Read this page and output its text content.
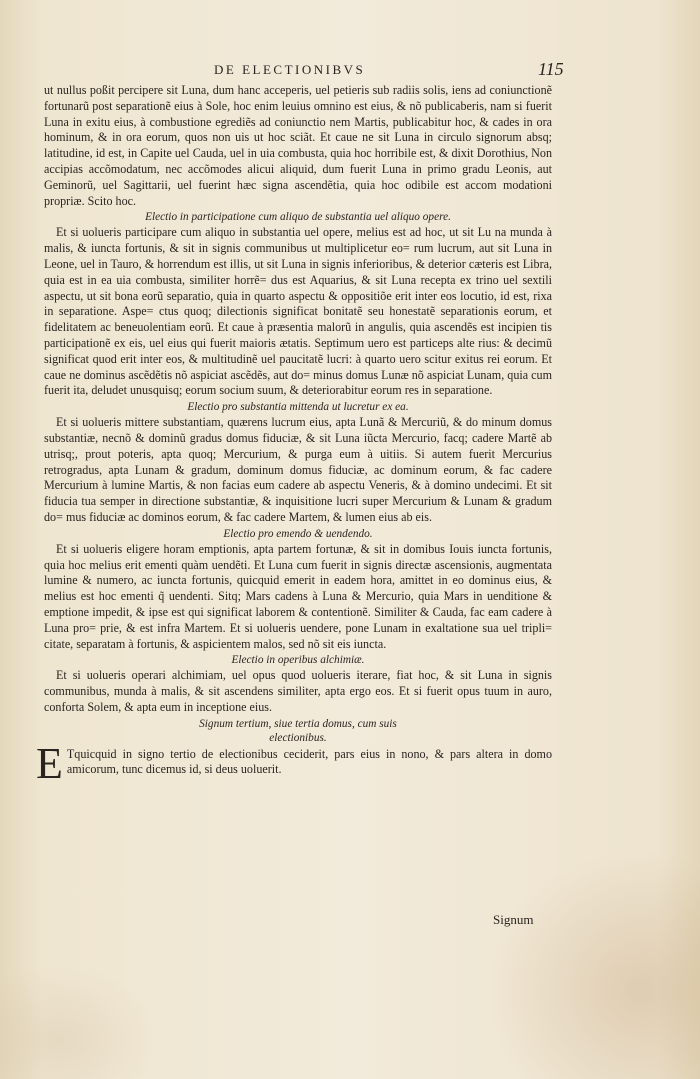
DE ELECTIONIBVS	115

ut nullus poßit percipere sit Luna, dum hanc acceperis, uel petieris sub radiis solis, iens ad coniunctionẽ fortunarũ post separationẽ eius à Sole, hoc enim leuius omnino est eius, & nõ publicaberis, nam si fuerit Luna in exitu eius, à combustione egrediẽs ad coniunctio nem Martis, publicabitur hoc, & cades in ora hominum, & in ora eorum, quos non uis ut hoc sciãt. Et caue ne sit Luna in circulo signorum absq; latitudine, id est, in Capite uel Cauda, uel in uia combusta, quia hoc horribile est, & dixit Dorothius, Non accipias accõmodatum, nec accõmodes alicui aliquid, dum fuerit Luna in primo gradu Leonis, aut Geminorũ, uel Sagittarii, uel fuerint hæc signa ascendẽtia, quia hoc odibile est accom modationi propriæ. Scito hoc.

Electio in participatione cum aliquo de substantia uel aliquo opere.

Et si uolueris participare cum aliquo in substantia uel opere, melius est ad hoc, ut sit Lu na munda à malis, & iuncta fortunis, & sit in signis communibus ut multiplicetur eo= rum lucrum, aut sit Luna in Leone, uel in Tauro, & horrendum est illis, ut sit Luna in signis inferioribus, & deterior cæteris est Libra, quia est in ea uia combusta, similiter horrẽ= dus est Aquarius, & sit Luna recepta ex trino uel sextili aspectu, ut sit bona eorũ separatio, quia in quarto aspectu & oppositiõe erit inter eos locutio, id est, rixa in separatione. Aspe= ctus quoq; dilectionis significat bonitatẽ seu honestatẽ separationis eorum, et fidelitatem ac beneuolentiam eorũ. Et caue à præsentia malorũ in angulis, quia ascendẽs est incipien tis participationẽ ex eis, uel eius qui fuerit maioris ætatis. Septimum uero est particeps alte rius: & decimũ significat quod erit inter eos, & multitudinẽ uel paucitatẽ lucri: à quarto uero scitur exitus rei eorum. Et caue ne dominus ascẽdẽtis nõ aspiciat ascẽdẽs, aut do= minus domus Lunæ nõ aspiciat Lunam, quia cum fuerit ita, deludet unusquisq; eorum socium suum, & deteriorabitur eorum res in separatione.

Electio pro substantia mittenda ut lucretur ex ea.

Et si uolueris mittere substantiam, quærens lucrum eius, apta Lunã & Mercuriũ, & do minum domus substantiæ, necnõ & dominũ gradus domus fiduciæ, & sit Luna iũcta Mercurio, facq; cadere Martẽ ab utrisq;, prout poteris, apta quoq; Mercurium, & purga eum à uitiis. Si autem fuerit Mercurius retrogradus, apta Lunam & gradum, dominum domus fiduciæ, ac dominum eorum, & fac cadere Mercurium à lumine Martis, & non facias eum cadere ab aspectu Veneris, & à domino undecimi. Et sit fiducia tua semper in directione substantiæ, & inquisitione lucri super Mercurium & Lunam & gradum do= mus fiduciæ ac dominos eorum, & fac cadere Martem, & lumen eius ab eis.

Electio pro emendo & uendendo.

Et si uolueris eligere horam emptionis, apta partem fortunæ, & sit in domibus Iouis iuncta fortunis, quia hoc melius erit ementi quàm uendẽti. Et Luna cum fuerit in signis directæ ascensionis, augmentata lumine & numero, ac iuncta fortunis, quicquid emerit in eadem hora, amittet in eo dominus eius, & melius est hoc ementi q̃ uendenti. Sitq; Mars cadens à Luna & Mercurio, quia Mars in uenditione & emptione impedit, & ipse est qui significat laborem & contentionẽ. Similiter & Cauda, fac eam cadere à Luna pro= prie, & est infra Martem. Et si uolueris uendere, pone Lunam in exaltatione sua uel tripli= citate, separatam à fortunis, & aspicientem malos, sed nõ sit eis iuncta.

Electio in operibus alchimiæ.

Et si uolueris operari alchimiam, uel opus quod uolueris iterare, fiat hoc, & sit Luna in signis communibus, munda à malis, & sit ascendens similiter, apta ergo eos. Et si fuerit opus tuum in auro, conforta Solem, & apta eum in inceptione eius.

Signum tertium, siue tertia domus, cum suis
electionibus.
E Tquicquid in signo tertio de electionibus ceciderit, pars eius in nono, & pars altera in domo amicorum, tunc dicemus id, si deus uoluerit.
Signum
